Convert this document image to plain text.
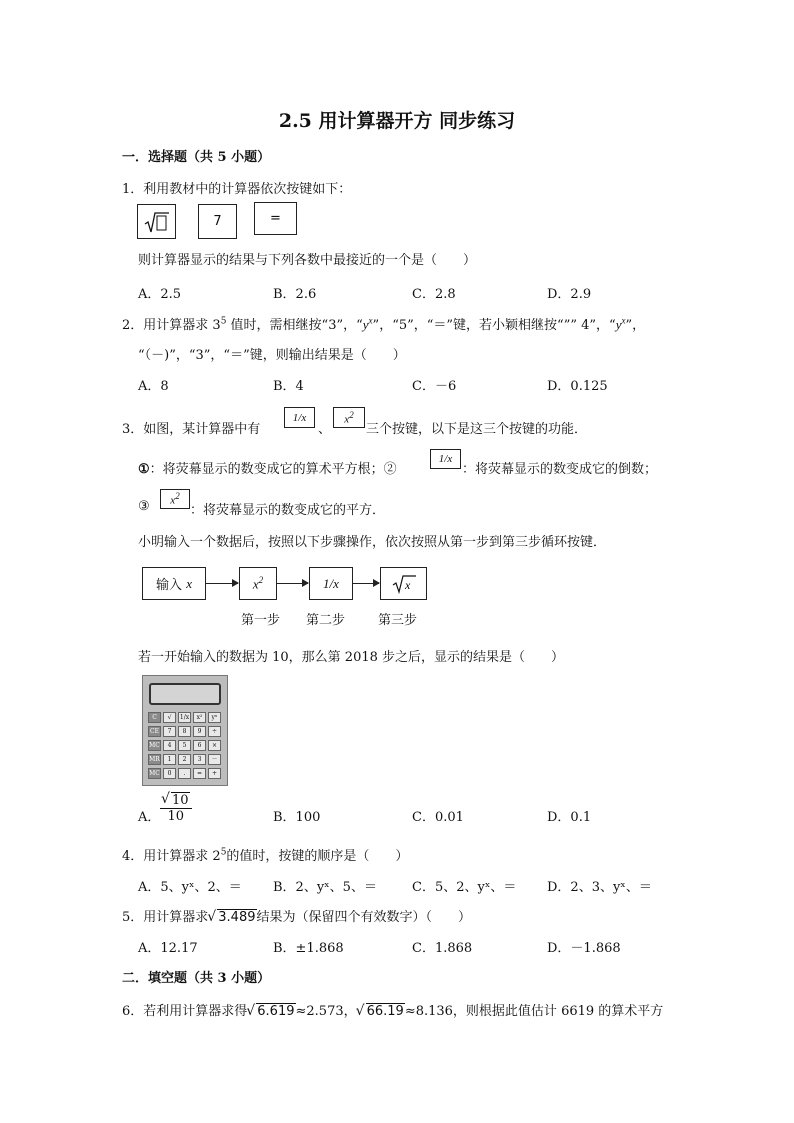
2.5 用计算器开方 同步练习
一．选择题（共 5 小题）
1．利用教材中的计算器依次按键如下：
7	=
则计算器显示的结果与下列各数中最接近的一个是（　　）
A．2.5	B．2.6	C．2.8	D．2.9
2．用计算器求 $3^5$ 值时，需相继按“3”，“$y^x$”，“5”，“＝”键，若小颖相继按“”” 4”，“$y^x$”，
“（－)”，“3”，“＝”键，则输出结果是（　　）
A．8	B．4	C．－6	D．0.125
3．如图，某计算器中有
1/x
、
$x^2$
三个按键，以下是这三个按键的功能．
①：将荧幕显示的数变成它的算术平方根；②
1/x
：将荧幕显示的数变成它的倒数；
③ $x^2$
：将荧幕显示的数变成它的平方．
小明输入一个数据后，按照以下步骤操作，依次按照从第一步到第三步循环按键．
输入
x	$x^2$	1/x	x
第一步 第二步	第三步
若一开始输入的数据为 10，那么第 2018 步之后，显示的结果是（　　）
C	√	1/x	x²	yˣ
CE	7	8	9	÷
MC	4	5	6	×
MR	1	2	3	－
MC	0	.	=	+
A． √ $\frac{10}{10}$	B．100	C．0.01	D．0.1
4．用计算器求 $2^5$的值时，按键的顺序是（　　）
A．5、yˣ、2、＝ B．2、yˣ、5、＝	C．5、2、yˣ、＝ D．2、3、yˣ、＝
5．用计算器求 √ 3.489结果为（保留四个有效数字）（　　）
A．12.17	B．±1.868	C．1.868	D．－1.868
二．填空题（共 3 小题）
6．若利用计算器求得 √ 6.619≈2.573， √ 66.19≈8.136，则根据此值估计 6619 的算术平方
